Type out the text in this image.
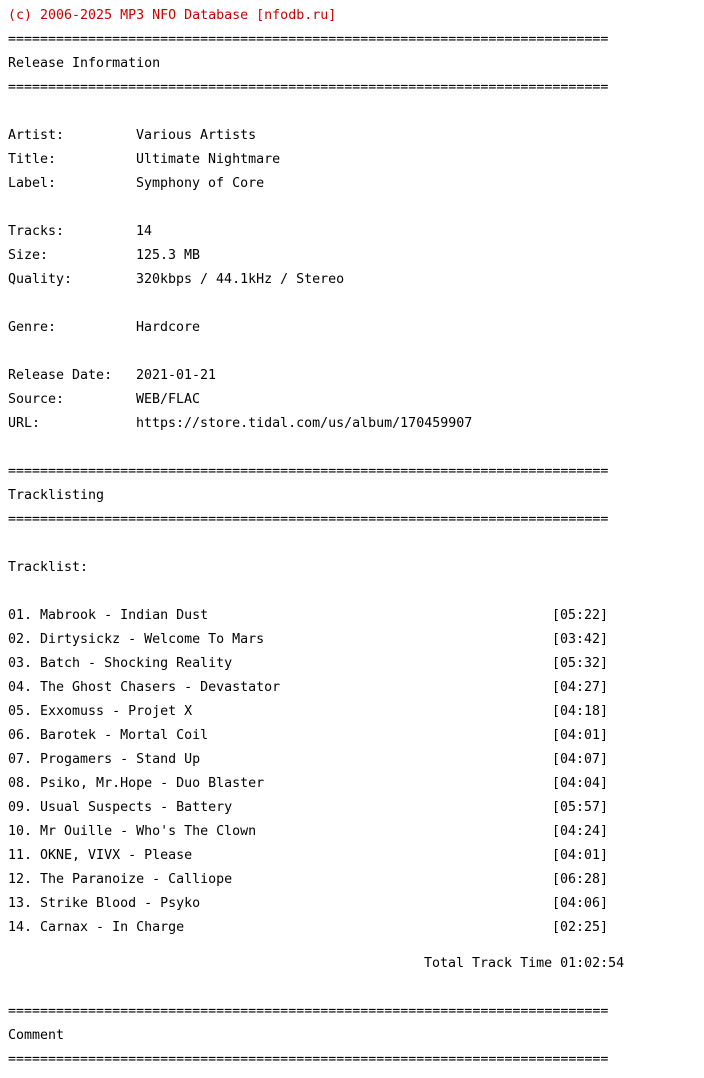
(c) 2006-2025 MP3 NFO Database [nfodb.ru]

===========================================================================

Release Information

===========================================================================

Artist:	Various Artists

Title:	Ultimate Nightmare

Label:	Symphony of Core

Tracks:	14

Size:	125.3 MB

Quality:	320kbps / 44.1kHz / Stereo

Genre:	Hardcore

Release Date: 2021-01-21

Source:	WEB/FLAC

URL:	https://store.tidal.com/us/album/170459907

===========================================================================

Tracklisting

===========================================================================

Tracklist:

01. Mabrook - Indian Dust	[05:22]
02. Dirtysickz - Welcome To Mars	[03:42]
03. Batch - Shocking Reality	[05:32]
04. The Ghost Chasers - Devastator	[04:27]
05. Exxomuss - Projet X	[04:18]
06. Barotek - Mortal Coil	[04:01]
07. Progamers - Stand Up	[04:07]
08. Psiko, Mr.Hope - Duo Blaster	[04:04]
09. Usual Suspects - Battery	[05:57]
10. Mr Ouille - Who's The Clown	[04:24]
11. OKNE, VIVX - Please	[04:01]
12. The Paranoize - Calliope	[06:28]
13. Strike Blood - Psyko	[04:06]
14. Carnax - In Charge	[02:25]

Total Track Time 01:02:54

===========================================================================

Comment

===========================================================================
